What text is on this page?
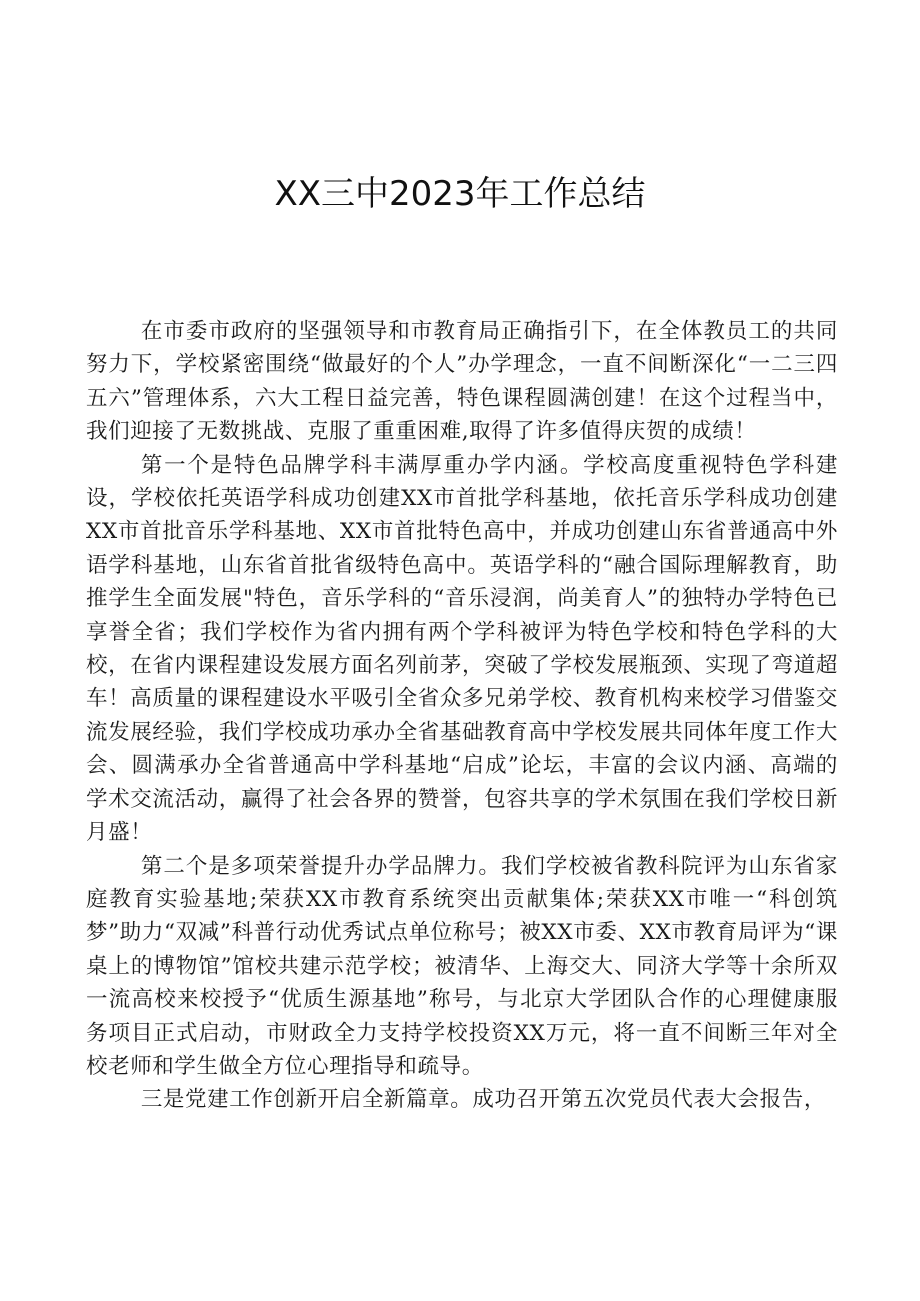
XX三中2023年工作总结

在市委市政府的坚强领导和市教育局正确指引下，在全体教员工的共同努力下，学校紧密围绕“做最好的个人”办学理念，一直不间断深化“一二三四五六”管理体系，六大工程日益完善，特色课程圆满创建！在这个过程当中，我们迎接了无数挑战、克服了重重困难,取得了许多值得庆贺的成绩！

第一个是特色品牌学科丰满厚重办学内涵。学校高度重视特色学科建设，学校依托英语学科成功创建XX市首批学科基地，依托音乐学科成功创建XX市首批音乐学科基地、XX市首批特色高中，并成功创建山东省普通高中外语学科基地，山东省首批省级特色高中。英语学科的“融合国际理解教育，助推学生全面发展"特色，音乐学科的“音乐浸润，尚美育人”的独特办学特色已享誉全省；我们学校作为省内拥有两个学科被评为特色学校和特色学科的大校，在省内课程建设发展方面名列前茅，突破了学校发展瓶颈、实现了弯道超车！高质量的课程建设水平吸引全省众多兄弟学校、教育机构来校学习借鉴交流发展经验，我们学校成功承办全省基础教育高中学校发展共同体年度工作大会、圆满承办全省普通高中学科基地“启成”论坛，丰富的会议内涵、高端的学术交流活动，赢得了社会各界的赞誉，包容共享的学术氛围在我们学校日新月盛！

第二个是多项荣誉提升办学品牌力。我们学校被省教科院评为山东省家庭教育实验基地;荣获XX市教育系统突出贡献集体;荣获XX市唯一“科创筑梦”助力“双减”科普行动优秀试点单位称号；被XX市委、XX市教育局评为“课桌上的博物馆”馆校共建示范学校；被清华、上海交大、同济大学等十余所双一流高校来校授予“优质生源基地”称号，与北京大学团队合作的心理健康服务项目正式启动，市财政全力支持学校投资XX万元，将一直不间断三年对全校老师和学生做全方位心理指导和疏导。

三是党建工作创新开启全新篇章。成功召开第五次党员代表大会报告，
